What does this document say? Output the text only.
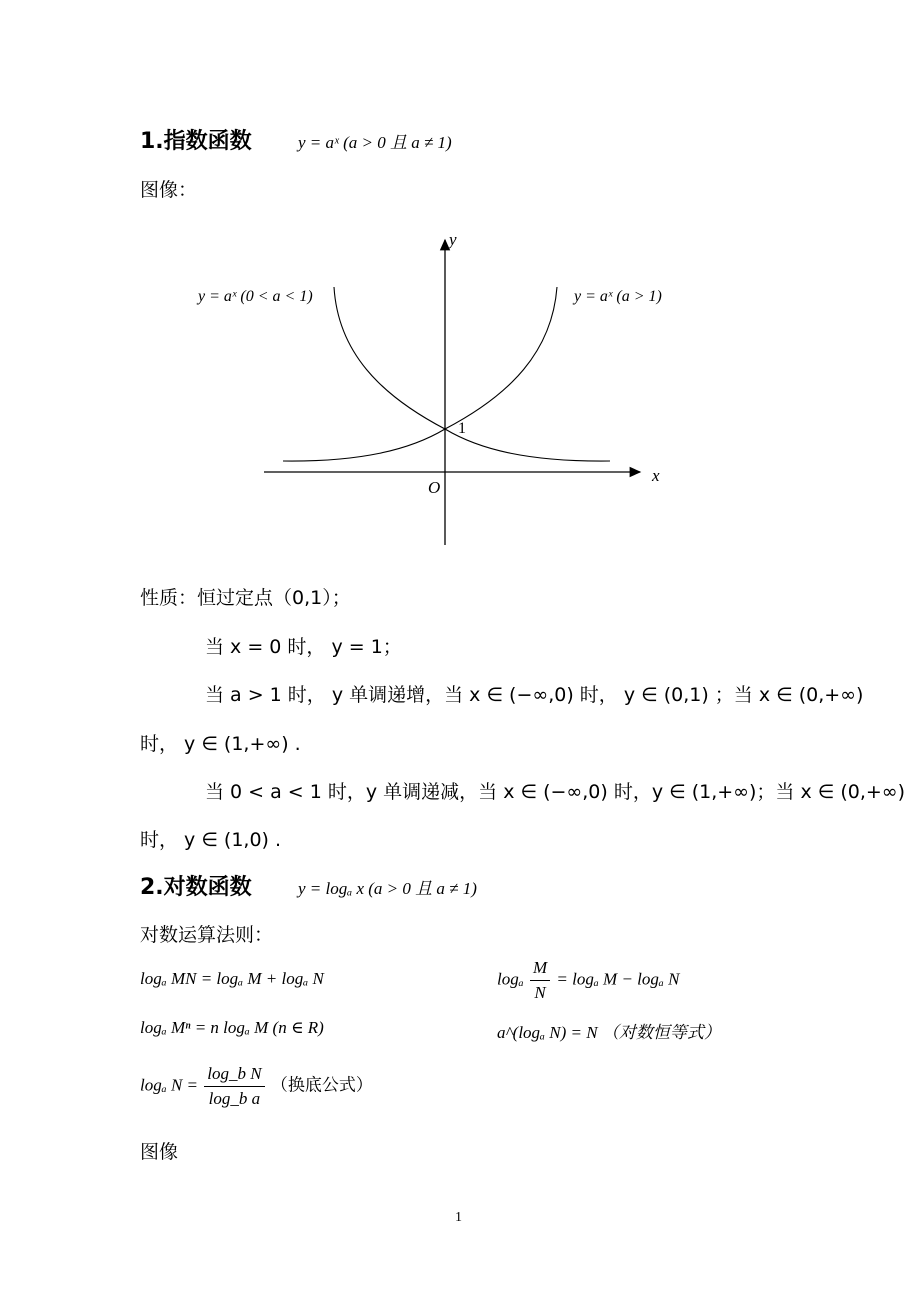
1.指数函数	y = aˣ (a > 0 且 a ≠ 1)
图像：
x
y
O
1
y = aˣ (0 < a < 1)	y = aˣ (a > 1)
性质：恒过定点（0,1）；
当 x = 0 时， y = 1；
当 a > 1 时， y 单调递增，当 x ∈ (−∞,0) 时， y ∈ (0,1) ；当 x ∈ (0,+∞)
时， y ∈ (1,+∞) .
当 0 < a < 1 时，y 单调递减，当 x ∈ (−∞,0) 时，y ∈ (1,+∞)；当 x ∈ (0,+∞)
时， y ∈ (1,0) .
2.对数函数	y = logₐ x (a > 0 且 a ≠ 1)
对数运算法则：
logₐ MN = logₐ M + logₐ N	logₐ $\frac{M}{N} = \log_a$ M − logₐ N
logₐ Mⁿ = n logₐ M (n ∈ R)	a^(logₐ N) = N （对数恒等式）
logₐ $N = \frac{\text{log\_b N}}{\text{log\_b a}}$ （换底公式）
图像
1
